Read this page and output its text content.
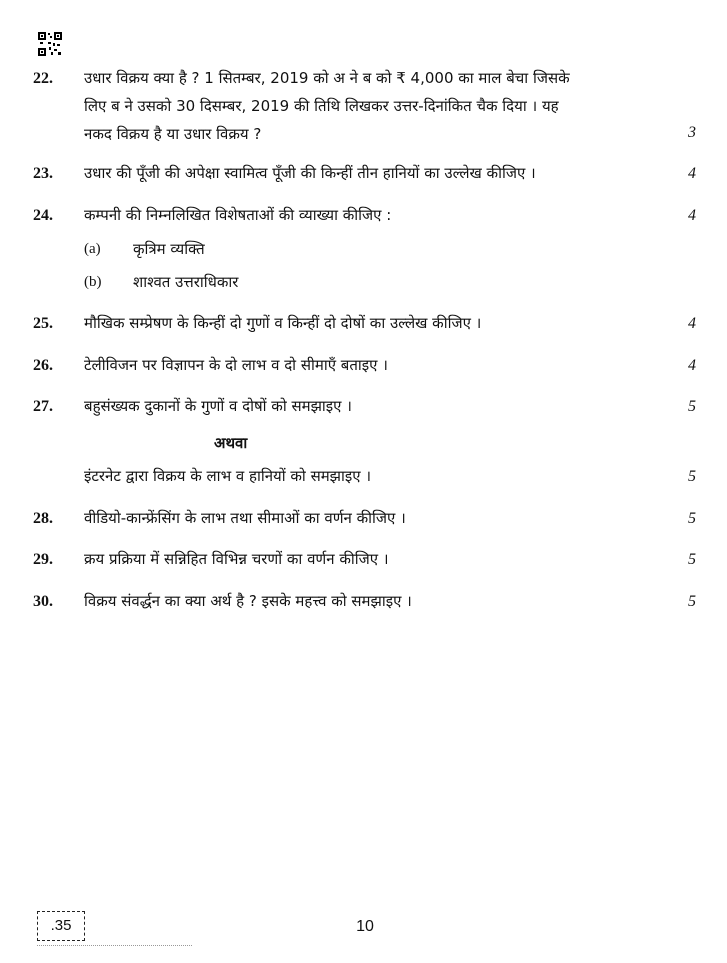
22. उधार विक्रय क्या है ? 1 सितम्बर, 2019 को अ ने ब को ₹ 4,000 का माल बेचा जिसके
लिए ब ने उसको 30 दिसम्बर, 2019 की तिथि लिखकर उत्तर-दिनांकित चैक दिया । यह
नकद विक्रय है या उधार विक्रय ?	3
23. उधार की पूँजी की अपेक्षा स्वामित्व पूँजी की किन्हीं तीन हानियों का उल्लेख कीजिए ।	4
24. कम्पनी की निम्नलिखित विशेषताओं की व्याख्या कीजिए :	4
(a) कृत्रिम व्यक्ति
(b) शाश्वत उत्तराधिकार
25. मौखिक सम्प्रेषण के किन्हीं दो गुणों व किन्हीं दो दोषों का उल्लेख कीजिए ।	4
26. टेलीविजन पर विज्ञापन के दो लाभ व दो सीमाएँ बताइए ।	4
27. बहुसंख्यक दुकानों के गुणों व दोषों को समझाइए ।	5
अथवा
इंटरनेट द्वारा विक्रय के लाभ व हानियों को समझाइए ।	5
28. वीडियो-कान्फ्रेंसिंग के लाभ तथा सीमाओं का वर्णन कीजिए ।	5
29. क्रय प्रक्रिया में सन्निहित विभिन्न चरणों का वर्णन कीजिए ।	5
30. विक्रय संवर्द्धन का क्या अर्थ है ? इसके महत्त्व को समझाइए ।	5
.35	10
